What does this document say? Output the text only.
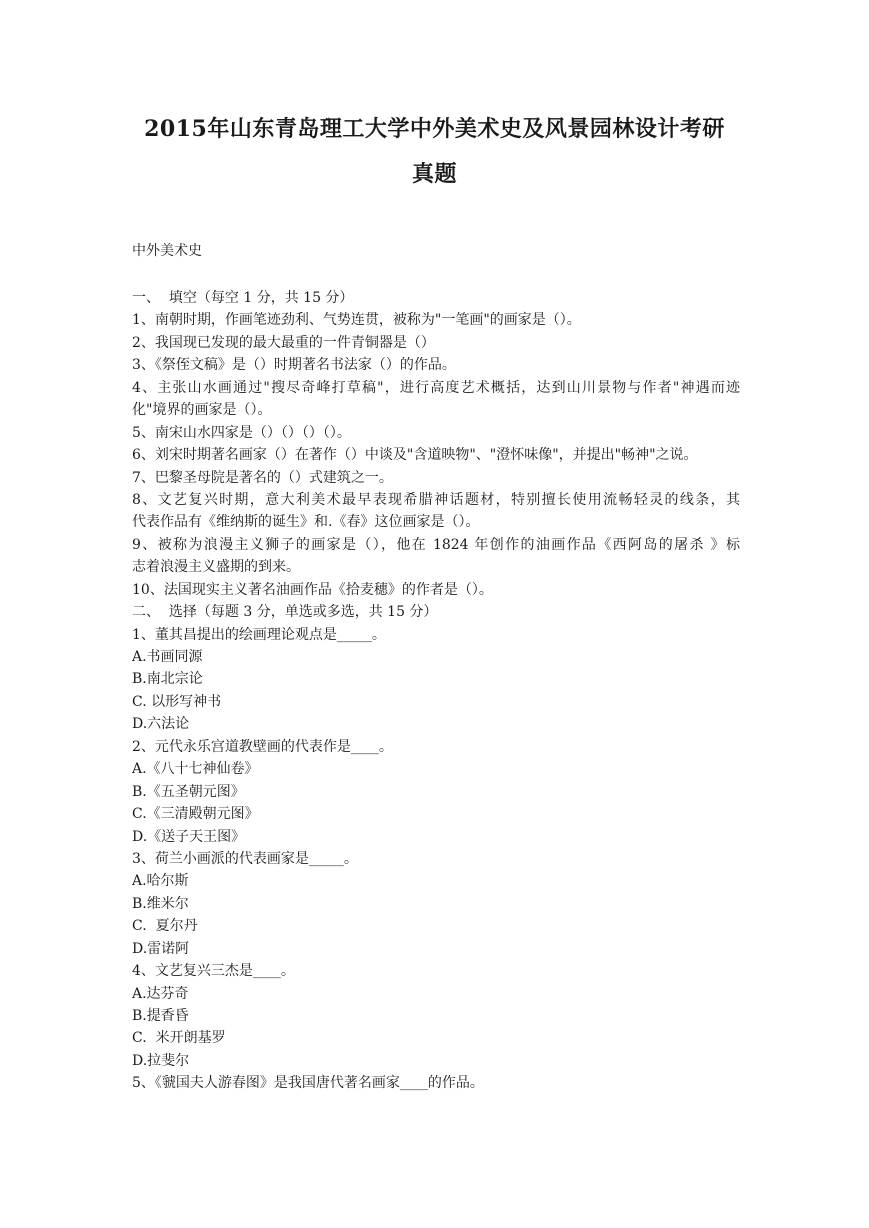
2015年山东青岛理工大学中外美术史及风景园林设计考研
真题
中外美术史
一、  填空（每空 1 分，共 15 分）
1、南朝时期，作画笔迹劲利、气势连贯，被称为"一笔画"的画家是（）。
2、我国现已发现的最大最重的一件青铜器是（）
3、《祭侄文稿》是（）时期著名书法家（）的作品。
4、主张山水画通过"搜尽奇峰打草稿"，进行高度艺术概括，达到山川景物与作者"神遇而迹
化"境界的画家是（）。
5、南宋山水四家是（）（）（）（）。
6、刘宋时期著名画家（）在著作（）中谈及"含道映物"、"澄怀味像"，并提出"畅神"之说。
7、巴黎圣母院是著名的（）式建筑之一。
8、文艺复兴时期，意大利美术最早表现希腊神话题材，特别擅长使用流畅轻灵的线条，其
代表作品有《维纳斯的诞生》和.《春》这位画家是（）。
9、被称为浪漫主义狮子的画家是（），他在 1824 年创作的油画作品《西阿岛的屠杀 》标
志着浪漫主义盛期的到来。
10、法国现实主义著名油画作品《拾麦穗》的作者是（）。
二、  选择（每题 3 分，单选或多选，共 15 分）
1、董其昌提出的绘画理论观点是_____。
A.书画同源
B.南北宗论
C. 以形写神书
D.六法论
2、元代永乐宫道教壁画的代表作是____。
A.《八十七神仙卷》
B.《五圣朝元图》
C.《三清殿朝元图》
D.《送子天王图》
3、荷兰小画派的代表画家是_____。
A.哈尔斯
B.维米尔
C.  夏尔丹
D.雷诺阿
4、文艺复兴三杰是____。
A.达芬奇
B.提香昏
C.  米开朗基罗
D.拉斐尔
5、《虢国夫人游春图》是我国唐代著名画家____的作品。
